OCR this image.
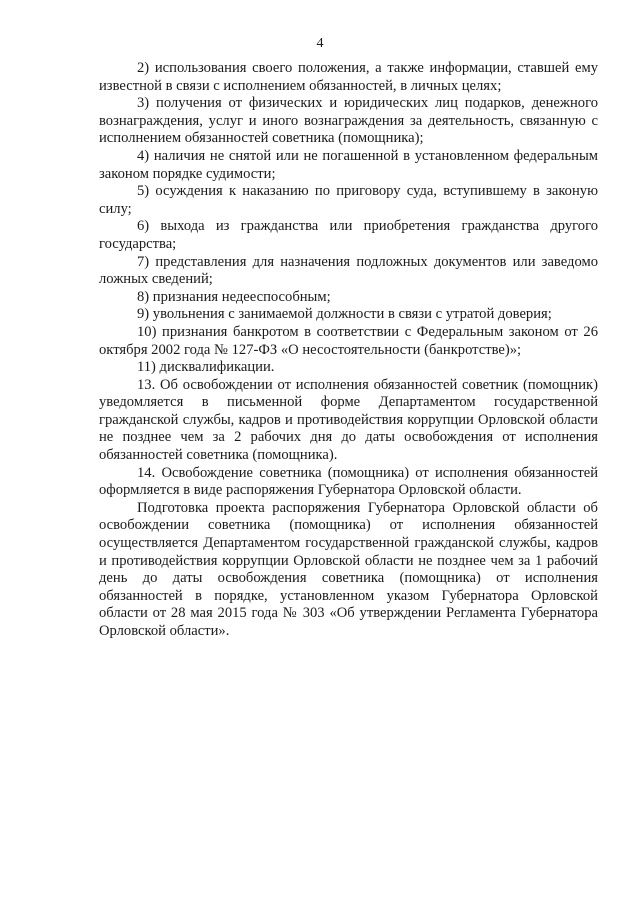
4

2) использования своего положения, а также информации, ставшей ему известной в связи с исполнением обязанностей, в личных целях;

3) получения от физических и юридических лиц подарков, денежного вознаграждения, услуг и иного вознаграждения за деятельность, связанную с исполнением обязанностей советника (помощника);

4) наличия не снятой или не погашенной в установленном федеральным законом порядке судимости;

5) осуждения к наказанию по приговору суда, вступившему в законую силу;

6) выхода из гражданства или приобретения гражданства другого государства;

7) представления для назначения подложных документов или заведомо ложных сведений;

8) признания недееспособным;

9) увольнения с занимаемой должности в связи с утратой доверия;

10) признания банкротом в соответствии с Федеральным законом от 26 октября 2002 года № 127-ФЗ «О несостоятельности (банкротстве)»;

11) дисквалификации.

13. Об освобождении от исполнения обязанностей советник (помощник) уведомляется в письменной форме Департаментом государственной гражданской службы, кадров и противодействия коррупции Орловской области не позднее чем за 2 рабочих дня до даты освобождения от исполнения обязанностей советника (помощника).

14. Освобождение советника (помощника) от исполнения обязанностей оформляется в виде распоряжения Губернатора Орловской области.

Подготовка проекта распоряжения Губернатора Орловской области об освобождении советника (помощника) от исполнения обязанностей осуществляется Департаментом государственной гражданской службы, кадров и противодействия коррупции Орловской области не позднее чем за 1 рабочий день до даты освобождения советника (помощника) от исполнения обязанностей в порядке, установленном указом Губернатора Орловской области от 28 мая 2015 года № 303 «Об утверждении Регламента Губернатора Орловской области».
